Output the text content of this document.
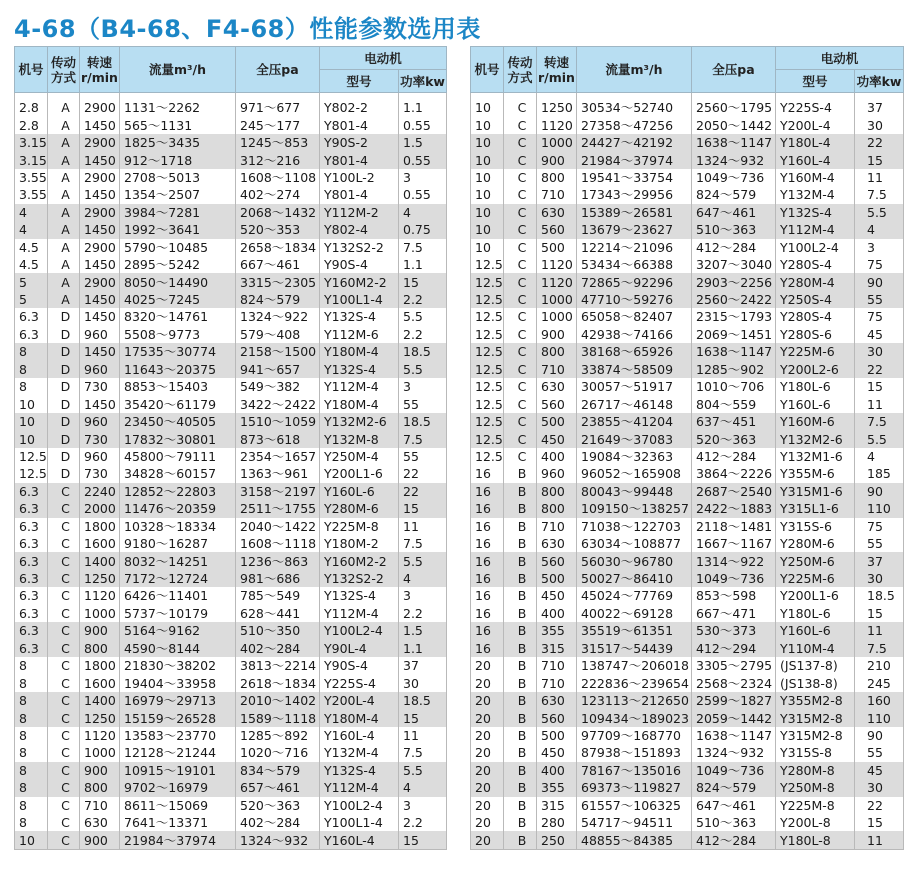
4-68（B4-68、F4-68）性能参数选用表
机号	传动
方式	转速
r/min	流量m³/h	全压pa	电动机	
					型号	功率kw

2.8	A	2900	1131～2262	971～677	Y802-2	1.1
2.8	A	1450	565～1131	245～177	Y801-4	0.55
3.15	A	2900	1825～3435	1245～853	Y90S-2	1.5
3.15	A	1450	912～1718	312～216	Y801-4	0.55
3.55	A	2900	2708～5013	1608～1108	Y100L-2	3
3.55	A	1450	1354～2507	402～274	Y801-4	0.55
4	A	2900	3984～7281	2068～1432	Y112M-2	4
4	A	1450	1992～3641	520～353	Y802-4	0.75
4.5	A	2900	5790～10485	2658～1834	Y132S2-2	7.5
4.5	A	1450	2895～5242	667～461	Y90S-4	1.1
5	A	2900	8050～14490	3315～2305	Y160M2-2	15
5	A	1450	4025～7245	824～579	Y100L1-4	2.2
6.3	D	1450	8320～14761	1324～922	Y132S-4	5.5
6.3	D	960	5508～9773	579～408	Y112M-6	2.2
8	D	1450	17535～30774	2158～1500	Y180M-4	18.5
8	D	960	11643～20375	941～657	Y132S-4	5.5
8	D	730	8853～15403	549～382	Y112M-4	3
10	D	1450	35420～61179	3422～2422	Y180M-4	55
10	D	960	23450～40505	1510～1059	Y132M2-6	18.5
10	D	730	17832～30801	873～618	Y132M-8	7.5
12.5	D	960	45800～79111	2354～1657	Y250M-4	55
12.5	D	730	34828～60157	1363～961	Y200L1-6	22
6.3	C	2240	12852～22803	3158～2197	Y160L-6	22
6.3	C	2000	11476～20359	2511～1755	Y280M-6	15
6.3	C	1800	10328～18334	2040～1422	Y225M-8	11
6.3	C	1600	9180～16287	1608～1118	Y180M-2	7.5
6.3	C	1400	8032～14251	1236～863	Y160M2-2	5.5
6.3	C	1250	7172～12724	981～686	Y132S2-2	4
6.3	C	1120	6426～11401	785～549	Y132S-4	3
6.3	C	1000	5737～10179	628～441	Y112M-4	2.2
6.3	C	900	5164～9162	510～350	Y100L2-4	1.5
6.3	C	800	4590～8144	402～284	Y90L-4	1.1
8	C	1800	21830～38202	3813～2214	Y90S-4	37
8	C	1600	19404～33958	2618～1834	Y225S-4	30
8	C	1400	16979～29713	2010～1402	Y200L-4	18.5
8	C	1250	15159～26528	1589～1118	Y180M-4	15
8	C	1120	13583～23770	1285～892	Y160L-4	11
8	C	1000	12128～21244	1020～716	Y132M-4	7.5
8	C	900	10915～19101	834～579	Y132S-4	5.5
8	C	800	9702～16979	657～461	Y112M-4	4
8	C	710	8611～15069	520～363	Y100L2-4	3
8	C	630	7641～13371	402～284	Y100L1-4	2.2
10	C	900	21984～37974	1324～932	Y160L-4	15
机号	传动
方式	转速
r/min	流量m³/h	全压pa	电动机	
					型号	功率kw

10	C	1250	30534～52740	2560～1795	Y225S-4	37
10	C	1120	27358～47256	2050～1442	Y200L-4	30
10	C	1000	24427～42192	1638～1147	Y180L-4	22
10	C	900	21984～37974	1324～932	Y160L-4	15
10	C	800	19541～33754	1049～736	Y160M-4	11
10	C	710	17343～29956	824～579	Y132M-4	7.5
10	C	630	15389～26581	647～461	Y132S-4	5.5
10	C	560	13679～23627	510～363	Y112M-4	4
10	C	500	12214～21096	412～284	Y100L2-4	3
12.5	C	1120	53434～66388	3207～3040	Y280S-4	75
12.5	C	1120	72865～92296	2903～2256	Y280M-4	90
12.5	C	1000	47710～59276	2560～2422	Y250S-4	55
12.5	C	1000	65058～82407	2315～1793	Y280S-4	75
12.5	C	900	42938～74166	2069～1451	Y280S-6	45
12.5	C	800	38168～65926	1638～1147	Y225M-6	30
12.5	C	710	33874～58509	1285～902	Y200L2-6	22
12.5	C	630	30057～51917	1010～706	Y180L-6	15
12.5	C	560	26717～46148	804～559	Y160L-6	11
12.5	C	500	23855～41204	637～451	Y160M-6	7.5
12.5	C	450	21649～37083	520～363	Y132M2-6	5.5
12.5	C	400	19084～32363	412～284	Y132M1-6	4
16	B	960	96052～165908	3864～2226	Y355M-6	185
16	B	800	80043～99448	2687～2540	Y315M1-6	90
16	B	800	109150～138257	2422～1883	Y315L1-6	110
16	B	710	71038～122703	2118～1481	Y315S-6	75
16	B	630	63034～108877	1667～1167	Y280M-6	55
16	B	560	56030～96780	1314～922	Y250M-6	37
16	B	500	50027～86410	1049～736	Y225M-6	30
16	B	450	45024～77769	853～598	Y200L1-6	18.5
16	B	400	40022～69128	667～471	Y180L-6	15
16	B	355	35519～61351	530～373	Y160L-6	11
16	B	315	31517～54439	412～294	Y110M-4	7.5
20	B	710	138747～206018	3305～2795	(JS137-8)	210
20	B	710	222836～239654	2568～2324	(JS138-8)	245
20	B	630	123113～212650	2599～1827	Y355M2-8	160
20	B	560	109434～189023	2059～1442	Y315M2-8	110
20	B	500	97709～168770	1638～1147	Y315M2-8	90
20	B	450	87938～151893	1324～932	Y315S-8	55
20	B	400	78167～135016	1049～736	Y280M-8	45
20	B	355	69373～119827	824～579	Y250M-8	30
20	B	315	61557～106325	647～461	Y225M-8	22
20	B	280	54717～94511	510～363	Y200L-8	15
20	B	250	48855～84385	412～284	Y180L-8	11
